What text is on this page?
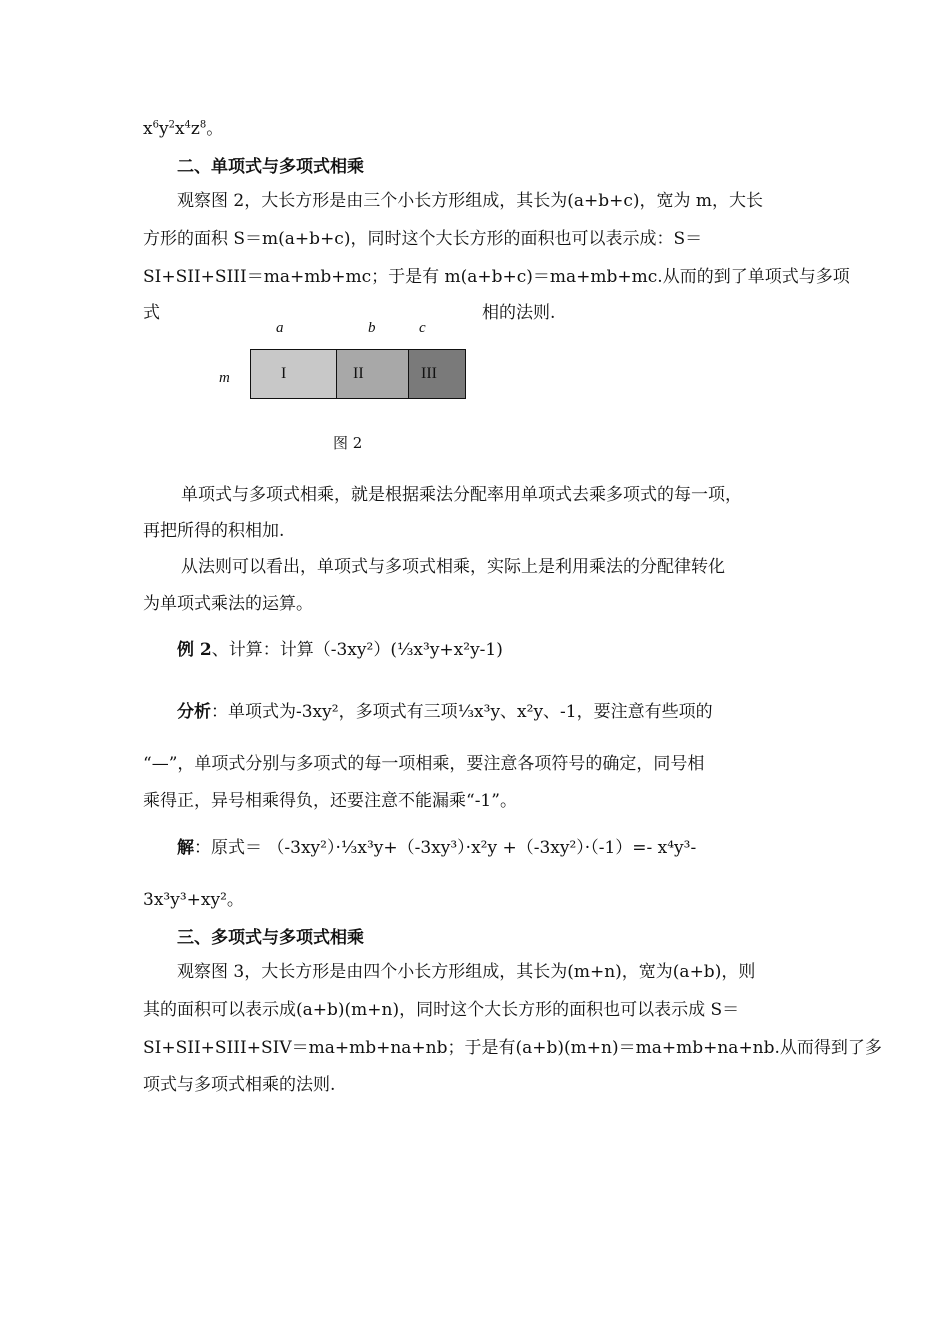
$x^6y^2x^4z^8$。
二、单项式与多项式相乘
观察图 2，大长方形是由三个小长方形组成，其长为(a+b+c)，宽为 m，大长
方形的面积 S＝m(a+b+c)，同时这个大长方形的面积也可以表示成：S＝
SI+SII+SIII＝ma+mb+mc；于是有 m(a+b+c)＝ma+mb+mc.从而的到了单项式与多项
式	相的法则.
a	b	c
m	I	II	III
图 2
单项式与多项式相乘，就是根据乘法分配率用单项式去乘多项式的每一项，
再把所得的积相加.
从法则可以看出，单项式与多项式相乘，实际上是利用乘法的分配律转化
为单项式乘法的运算。
例 2、计算：计算（-3xy²）(⅓x³y+x²y-1)
分析：单项式为-3xy²，多项式有三项⅓x³y、x²y、-1，要注意有些项的
“—”，单项式分别与多项式的每一项相乘，要注意各项符号的确定，同号相
乘得正，异号相乘得负，还要注意不能漏乘“-1”。
解：原式＝ （-3xy²）·⅓x³y+（-3xy³）·x²y +（-3xy²）·（-1）=- x⁴y³-
3x³y³+xy²。
三、多项式与多项式相乘
观察图 3，大长方形是由四个小长方形组成，其长为(m+n)，宽为(a+b)，则
其的面积可以表示成(a+b)(m+n)，同时这个大长方形的面积也可以表示成 S＝
SI+SII+SIII+SIV＝ma+mb+na+nb；于是有(a+b)(m+n)＝ma+mb+na+nb.从而得到了多
项式与多项式相乘的法则.
